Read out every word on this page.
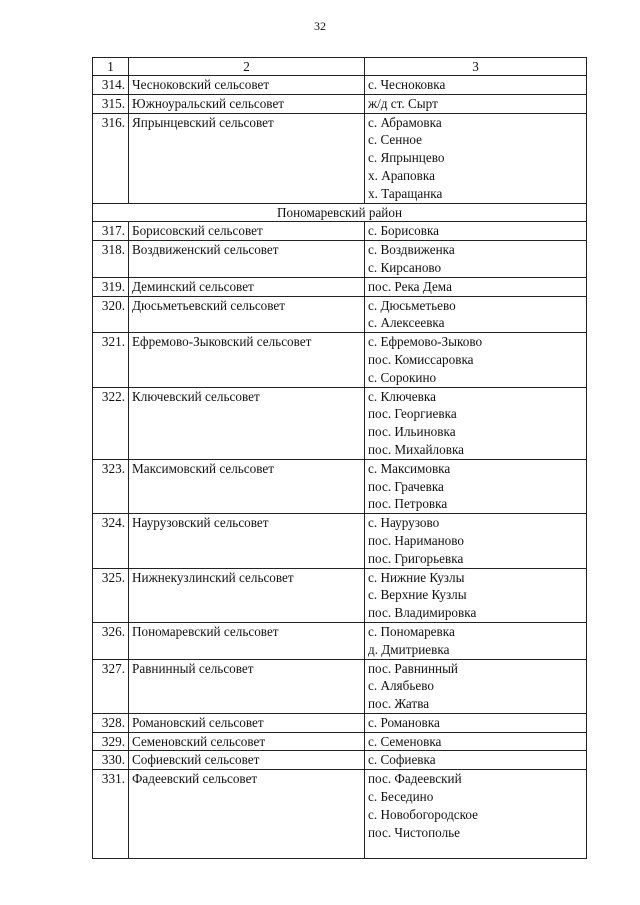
32
1	2	3
314.	Чесноковский сельсовет	с. Чесноковка

315.	Южноуральский сельсовет	ж/д ст. Сырт

316.	Япрынцевский сельсовет	с. Абрамовка
с. Сенное
с. Япрынцево
х. Араповка
х. Таращанка

Пономаревский район		
317.	Борисовский сельсовет	с. Борисовка

318.	Воздвиженский сельсовет	с. Воздвиженка
с. Кирсаново

319.	Деминский сельсовет	пос. Река Дема

320.	Дюсьметьевский сельсовет	с. Дюсьметьево
с. Алексеевка

321.	Ефремово-Зыковский сельсовет	с. Ефремово-Зыково
пос. Комиссаровка
с. Сорокино

322.	Ключевский сельсовет	с. Ключевка
пос. Георгиевка
пос. Ильиновка
пос. Михайловка

323.	Максимовский сельсовет	с. Максимовка
пос. Грачевка
пос. Петровка

324.	Наурузовский сельсовет	с. Наурузово
пос. Нариманово
пос. Григорьевка

325.	Нижнекузлинский сельсовет	с. Нижние Кузлы
с. Верхние Кузлы
пос. Владимировка

326.	Пономаревский сельсовет	с. Пономаревка
д. Дмитриевка

327.	Равнинный сельсовет	пос. Равнинный
с. Алябьево
пос. Жатва

328.	Романовский сельсовет	с. Романовка

329.	Семеновский сельсовет	с. Семеновка

330.	Софиевский сельсовет	с. Софиевка

331.	Фадеевский сельсовет	пос. Фадеевский
с. Беседино
с. Новобогородское
пос. Чистополье
